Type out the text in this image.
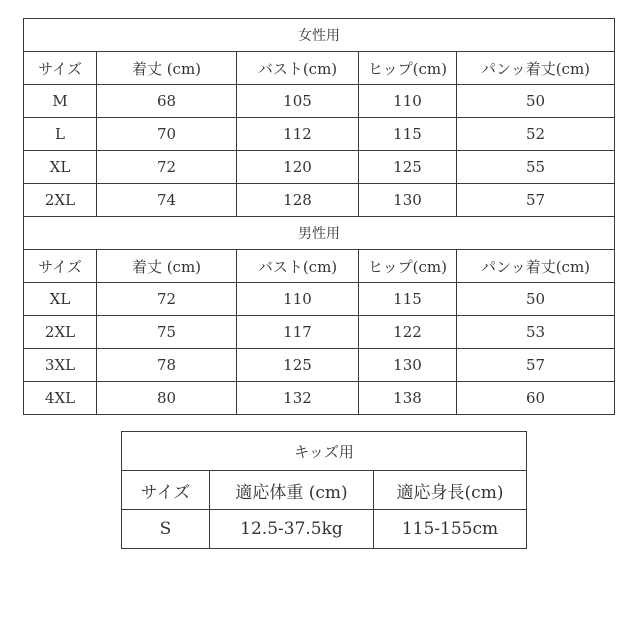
女性用				
サイズ	着丈 (cm)	バスト(cm)	ヒップ(cm)	パンッ着丈(cm)
M	68	105	110	50
L	70	112	115	52
XL	72	120	125	55
2XL	74	128	130	57
男性用				
サイズ	着丈 (cm)	バスト(cm)	ヒップ(cm)	パンッ着丈(cm)
XL	72	110	115	50
2XL	75	117	122	53
3XL	78	125	130	57
4XL	80	132	138	60
キッズ用		
サイズ	適応体重 (cm)	適応身長(cm)
S	12.5-37.5kg	115-155cm
